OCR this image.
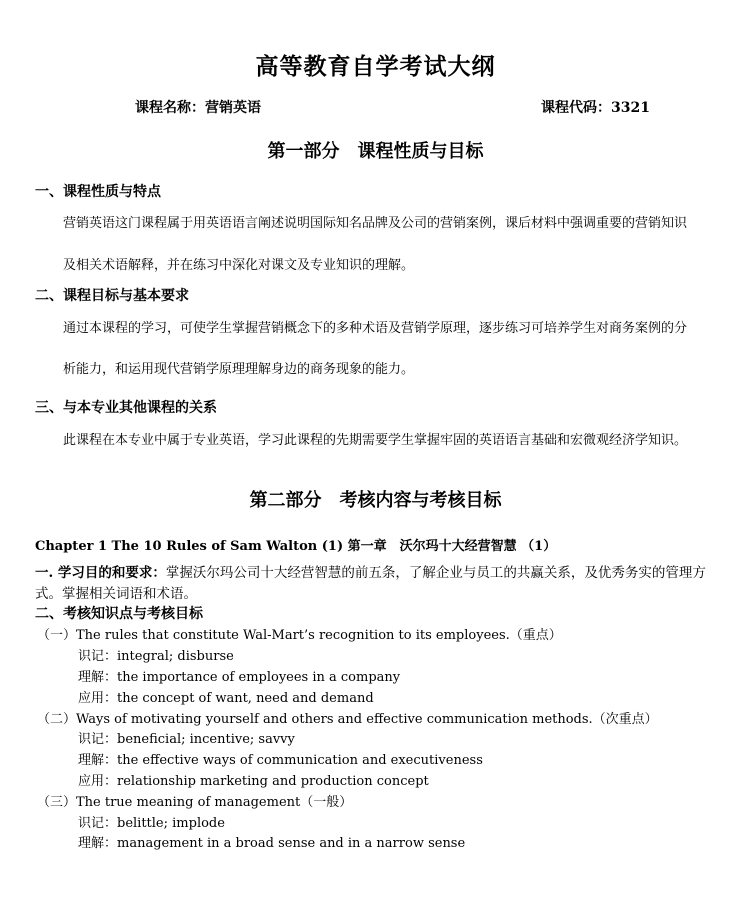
高等教育自学考试大纲
课程名称：营销英语	课程代码：3321
第一部分　课程性质与目标
一、课程性质与特点
营销英语这门课程属于用英语语言阐述说明国际知名品牌及公司的营销案例，课后材料中强调重要的营销知识
及相关术语解释，并在练习中深化对课文及专业知识的理解。
二、课程目标与基本要求
通过本课程的学习，可使学生掌握营销概念下的多种术语及营销学原理，逐步练习可培养学生对商务案例的分
析能力，和运用现代营销学原理理解身边的商务现象的能力。
三、与本专业其他课程的关系
此课程在本专业中属于专业英语，学习此课程的先期需要学生掌握牢固的英语语言基础和宏微观经济学知识。
第二部分　考核内容与考核目标
Chapter 1 The 10 Rules of Sam Walton (1) 第一章　沃尔玛十大经营智慧 （1）
一. 学习目的和要求：掌握沃尔玛公司十大经营智慧的前五条，了解企业与员工的共赢关系，及优秀务实的管理方
式。掌握相关词语和术语。
二、考核知识点与考核目标
（一）The rules that constitute Wal-Mart’s recognition to its employees.（重点）
识记：integral; disburse
理解：the importance of employees in a company
应用：the concept of want, need and demand
（二）Ways of motivating yourself and others and effective communication methods.（次重点）
识记：beneficial; incentive; savvy
理解：the effective ways of communication and executiveness
应用：relationship marketing and production concept
（三）The true meaning of management（一般）
识记：belittle; implode
理解：management in a broad sense and in a narrow sense
